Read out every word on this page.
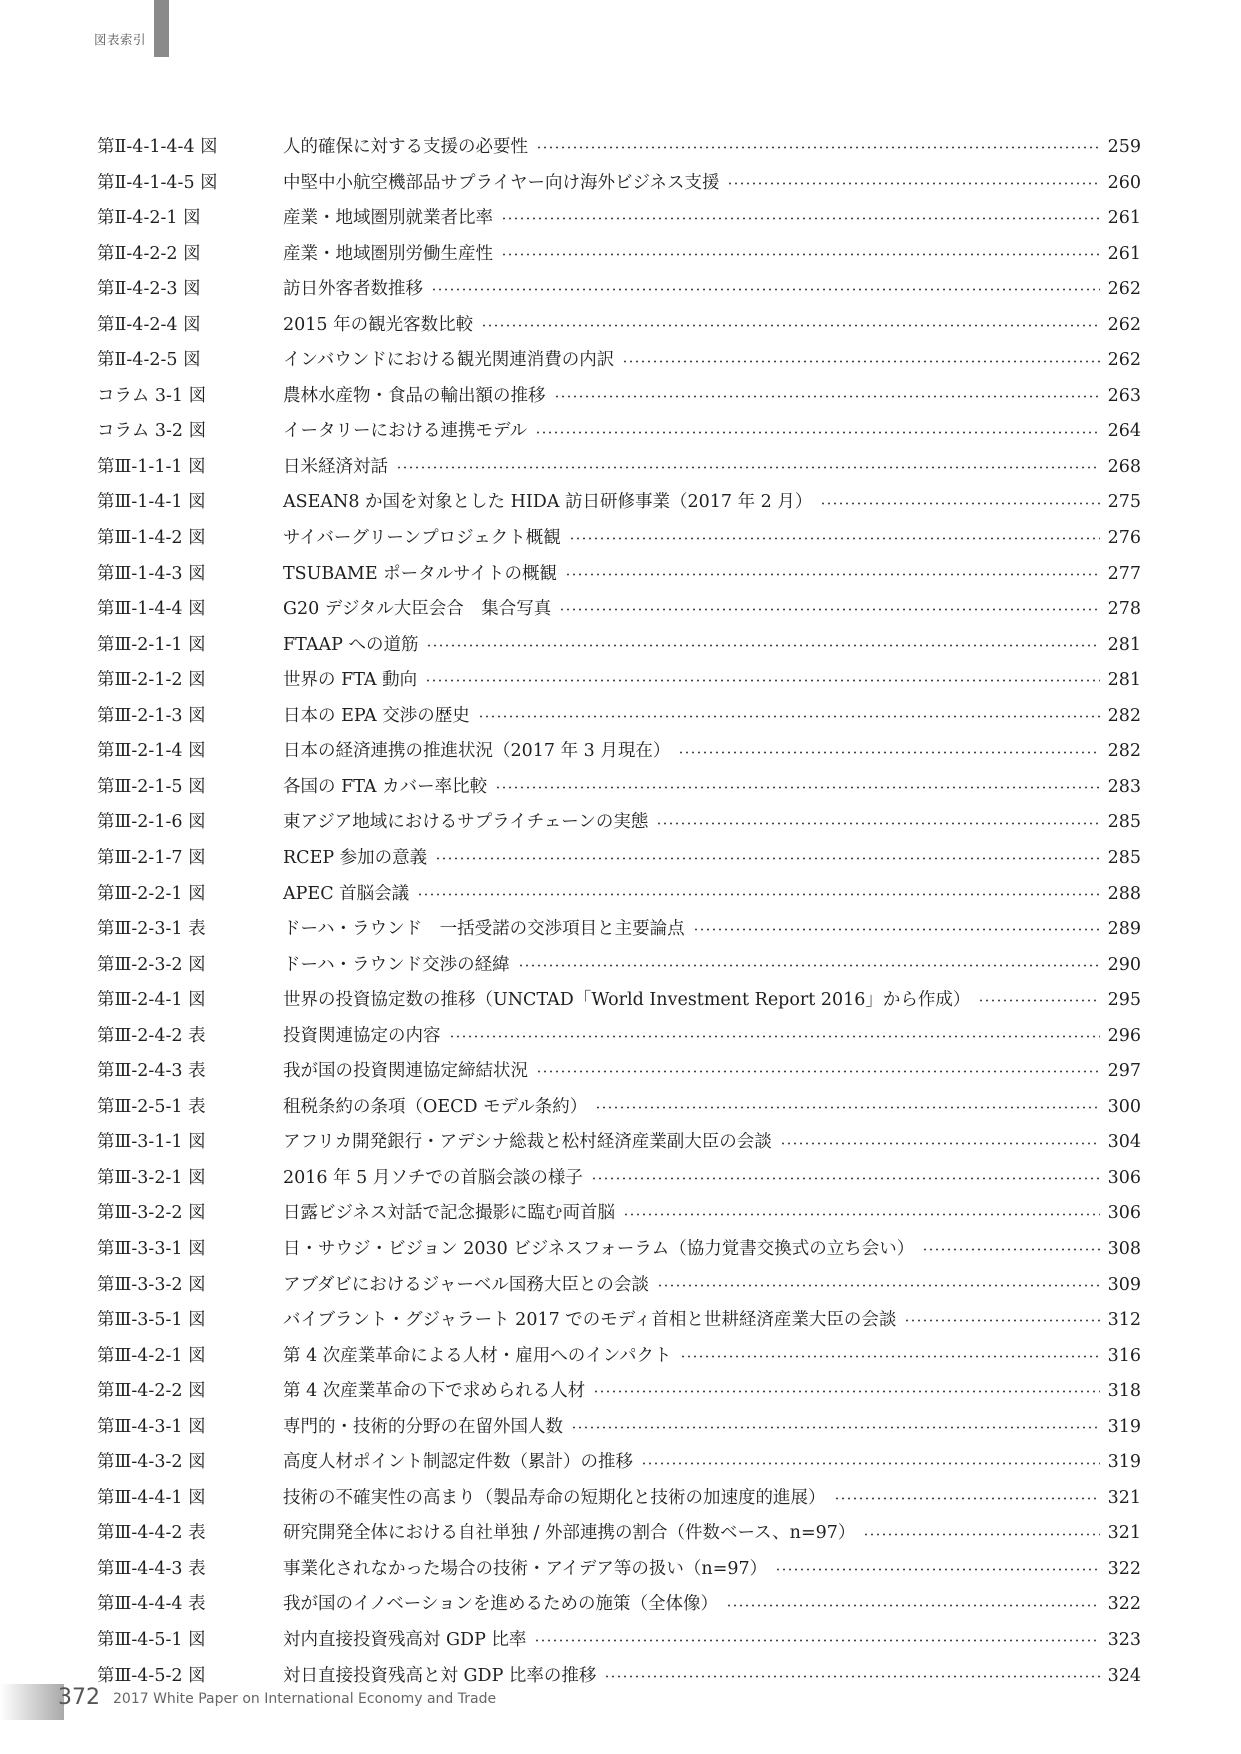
図表索引
第Ⅱ-4-1-4-4 図	人的確保に対する支援の必要性	259
第Ⅱ-4-1-4-5 図	中堅中小航空機部品サプライヤー向け海外ビジネス支援	260
第Ⅱ-4-2-1 図	産業・地域圏別就業者比率	261
第Ⅱ-4-2-2 図	産業・地域圏別労働生産性	261
第Ⅱ-4-2-3 図	訪日外客者数推移	262
第Ⅱ-4-2-4 図	2015 年の観光客数比較	262
第Ⅱ-4-2-5 図	インバウンドにおける観光関連消費の内訳	262
コラム 3-1 図	農林水産物・食品の輸出額の推移	263
コラム 3-2 図	イータリーにおける連携モデル	264
第Ⅲ-1-1-1 図	日米経済対話	268
第Ⅲ-1-4-1 図	ASEAN8 か国を対象とした HIDA 訪日研修事業（2017 年 2 月）	275
第Ⅲ-1-4-2 図	サイバーグリーンプロジェクト概観	276
第Ⅲ-1-4-3 図	TSUBAME ポータルサイトの概観	277
第Ⅲ-1-4-4 図	G20 デジタル大臣会合　集合写真	278
第Ⅲ-2-1-1 図	FTAAP への道筋	281
第Ⅲ-2-1-2 図	世界の FTA 動向	281
第Ⅲ-2-1-3 図	日本の EPA 交渉の歴史	282
第Ⅲ-2-1-4 図	日本の経済連携の推進状況（2017 年 3 月現在）	282
第Ⅲ-2-1-5 図	各国の FTA カバー率比較	283
第Ⅲ-2-1-6 図	東アジア地域におけるサプライチェーンの実態	285
第Ⅲ-2-1-7 図	RCEP 参加の意義	285
第Ⅲ-2-2-1 図	APEC 首脳会議	288
第Ⅲ-2-3-1 表	ドーハ・ラウンド　一括受諾の交渉項目と主要論点	289
第Ⅲ-2-3-2 図	ドーハ・ラウンド交渉の経緯	290
第Ⅲ-2-4-1 図	世界の投資協定数の推移（UNCTAD「World Investment Report 2016」から作成）	295
第Ⅲ-2-4-2 表	投資関連協定の内容	296
第Ⅲ-2-4-3 表	我が国の投資関連協定締結状況	297
第Ⅲ-2-5-1 表	租税条約の条項（OECD モデル条約）	300
第Ⅲ-3-1-1 図	アフリカ開発銀行・アデシナ総裁と松村経済産業副大臣の会談	304
第Ⅲ-3-2-1 図	2016 年 5 月ソチでの首脳会談の様子	306
第Ⅲ-3-2-2 図	日露ビジネス対話で記念撮影に臨む両首脳	306
第Ⅲ-3-3-1 図	日・サウジ・ビジョン 2030 ビジネスフォーラム（協力覚書交換式の立ち会い）	308
第Ⅲ-3-3-2 図	アブダビにおけるジャーベル国務大臣との会談	309
第Ⅲ-3-5-1 図	バイブラント・グジャラート 2017 でのモディ首相と世耕経済産業大臣の会談	312
第Ⅲ-4-2-1 図	第 4 次産業革命による人材・雇用へのインパクト	316
第Ⅲ-4-2-2 図	第 4 次産業革命の下で求められる人材	318
第Ⅲ-4-3-1 図	専門的・技術的分野の在留外国人数	319
第Ⅲ-4-3-2 図	高度人材ポイント制認定件数（累計）の推移	319
第Ⅲ-4-4-1 図	技術の不確実性の高まり（製品寿命の短期化と技術の加速度的進展）	321
第Ⅲ-4-4-2 表	研究開発全体における自社単独 / 外部連携の割合（件数ベース、n=97）	321
第Ⅲ-4-4-3 表	事業化されなかった場合の技術・アイデア等の扱い（n=97）	322
第Ⅲ-4-4-4 表	我が国のイノベーションを進めるための施策（全体像）	322
第Ⅲ-4-5-1 図	対内直接投資残高対 GDP 比率	323
第Ⅲ-4-5-2 図	対日直接投資残高と対 GDP 比率の推移	324
372 2017 White Paper on International Economy and Trade
